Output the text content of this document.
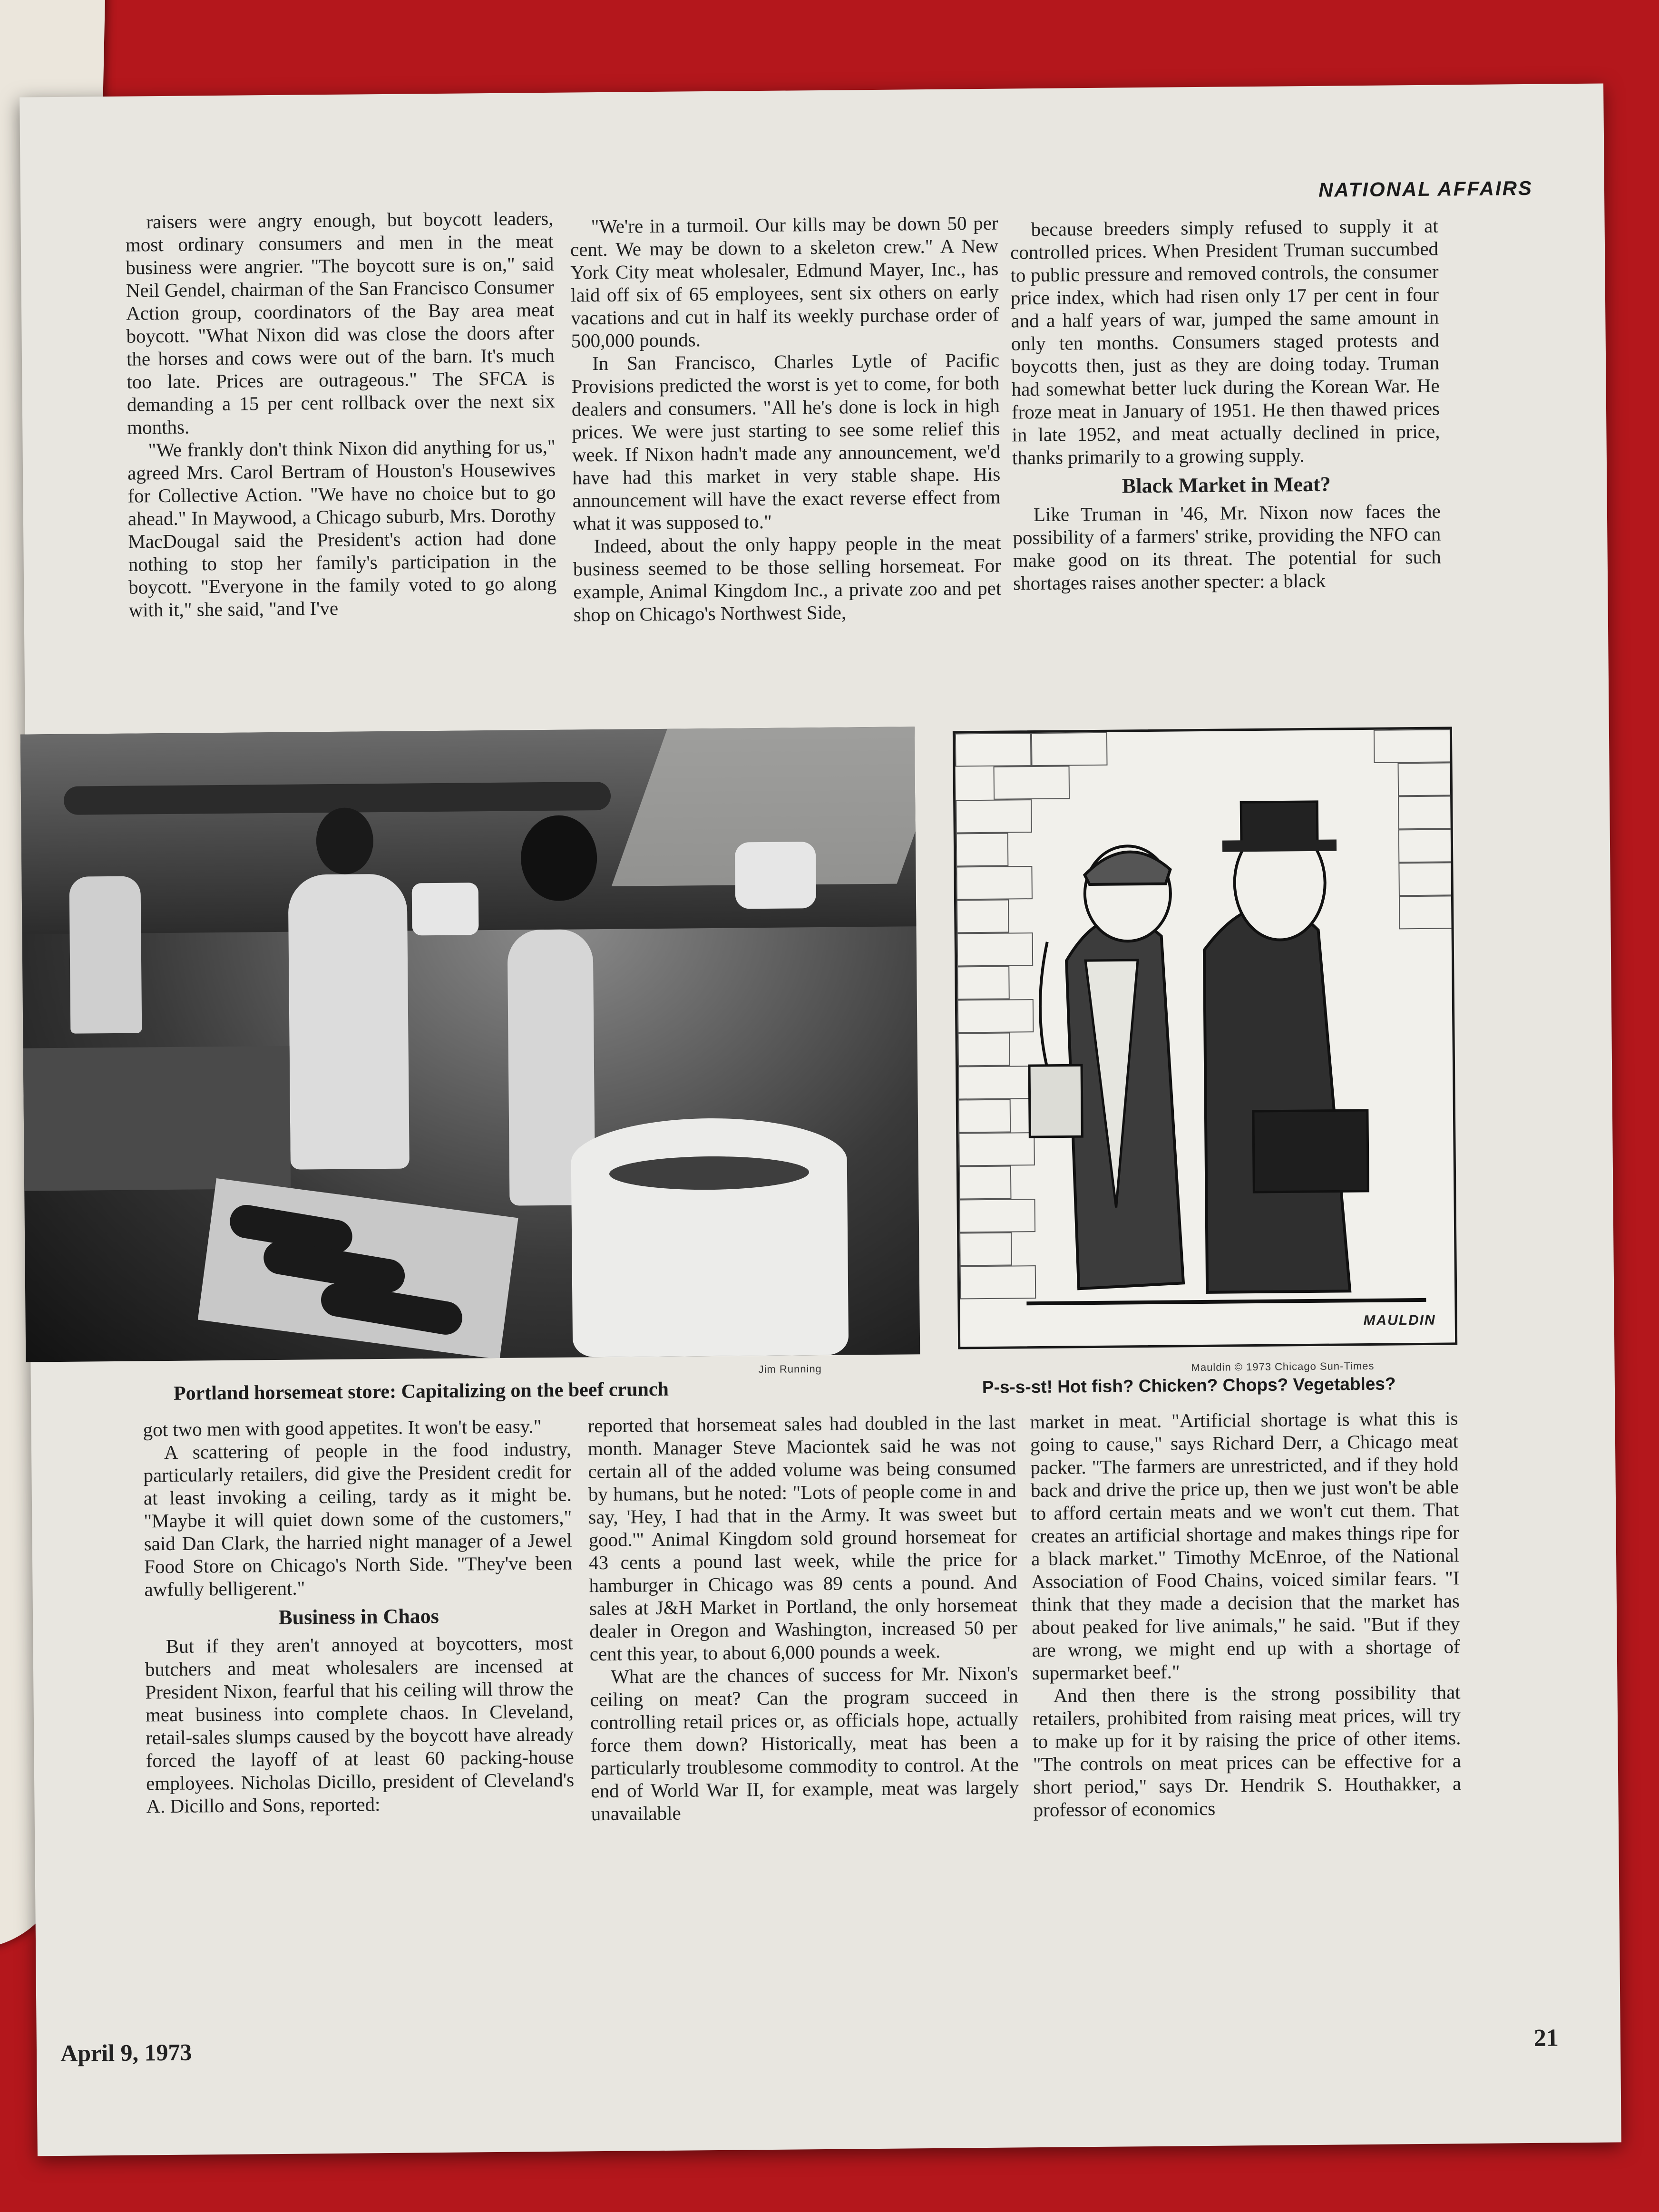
NATIONAL AFFAIRS

raisers were angry enough, but boycott leaders, most ordinary consumers and men in the meat business were angrier. "The boycott sure is on," said Neil Gendel, chairman of the San Francisco Consumer Action group, coordinators of the Bay area meat boycott. "What Nixon did was close the doors after the horses and cows were out of the barn. It's much too late. Prices are outrageous." The SFCA is demanding a 15 per cent rollback over the next six months.

"We frankly don't think Nixon did anything for us," agreed Mrs. Carol Bertram of Houston's Housewives for Collective Action. "We have no choice but to go ahead." In Maywood, a Chicago suburb, Mrs. Dorothy MacDougal said the President's action had done nothing to stop her family's participation in the boycott. "Everyone in the family voted to go along with it," she said, "and I've

"We're in a turmoil. Our kills may be down 50 per cent. We may be down to a skeleton crew." A New York City meat wholesaler, Edmund Mayer, Inc., has laid off six of 65 employees, sent six others on early vacations and cut in half its weekly purchase order of 500,000 pounds.

In San Francisco, Charles Lytle of Pacific Provisions predicted the worst is yet to come, for both dealers and consumers. "All he's done is lock in high prices. We were just starting to see some relief this week. If Nixon hadn't made any announcement, we'd have had this market in very stable shape. His announcement will have the exact reverse effect from what it was supposed to."

Indeed, about the only happy people in the meat business seemed to be those selling horsemeat. For example, Animal Kingdom Inc., a private zoo and pet shop on Chicago's Northwest Side,

because breeders simply refused to supply it at controlled prices. When President Truman succumbed to public pressure and removed controls, the consumer price index, which had risen only 17 per cent in four and a half years of war, jumped the same amount in only ten months. Consumers staged protests and boycotts then, just as they are doing today. Truman had somewhat better luck during the Korean War. He froze meat in January of 1951. He then thawed prices in late 1952, and meat actually declined in price, thanks primarily to a growing supply.

Black Market in Meat?

Like Truman in '46, Mr. Nixon now faces the possibility of a farmers' strike, providing the NFO can make good on its threat. The potential for such shortages raises another specter: a black

MAULDIN
Jim Running	Mauldin © 1973 Chicago Sun-Times
Portland horsemeat store: Capitalizing on the beef crunch	P-s-s-st! Hot fish? Chicken? Chops? Vegetables?

got two men with good appetites. It won't be easy."

A scattering of people in the food industry, particularly retailers, did give the President credit for at least invoking a ceiling, tardy as it might be. "Maybe it will quiet down some of the customers," said Dan Clark, the harried night manager of a Jewel Food Store on Chicago's North Side. "They've been awfully belligerent."

Business in Chaos

But if they aren't annoyed at boycotters, most butchers and meat wholesalers are incensed at President Nixon, fearful that his ceiling will throw the meat business into complete chaos. In Cleveland, retail-sales slumps caused by the boycott have already forced the layoff of at least 60 packing-house employees. Nicholas Dicillo, president of Cleveland's A. Dicillo and Sons, reported:

reported that horsemeat sales had doubled in the last month. Manager Steve Maciontek said he was not certain all of the added volume was being consumed by humans, but he noted: "Lots of people come in and say, 'Hey, I had that in the Army. It was sweet but good.'" Animal Kingdom sold ground horsemeat for 43 cents a pound last week, while the price for hamburger in Chicago was 89 cents a pound. And sales at J&H Market in Portland, the only horsemeat dealer in Oregon and Washington, increased 50 per cent this year, to about 6,000 pounds a week.

What are the chances of success for Mr. Nixon's ceiling on meat? Can the program succeed in controlling retail prices or, as officials hope, actually force them down? Historically, meat has been a particularly troublesome commodity to control. At the end of World War II, for example, meat was largely unavailable

market in meat. "Artificial shortage is what this is going to cause," says Richard Derr, a Chicago meat packer. "The farmers are unrestricted, and if they hold back and drive the price up, then we just won't be able to afford certain meats and we won't cut them. That creates an artificial shortage and makes things ripe for a black market." Timothy McEnroe, of the National Association of Food Chains, voiced similar fears. "I think that they made a decision that the market has about peaked for live animals," he said. "But if they are wrong, we might end up with a shortage of supermarket beef."

And then there is the strong possibility that retailers, prohibited from raising meat prices, will try to make up for it by raising the price of other items. "The controls on meat prices can be effective for a short period," says Dr. Hendrik S. Houthakker, a professor of economics

April 9, 1973
21
